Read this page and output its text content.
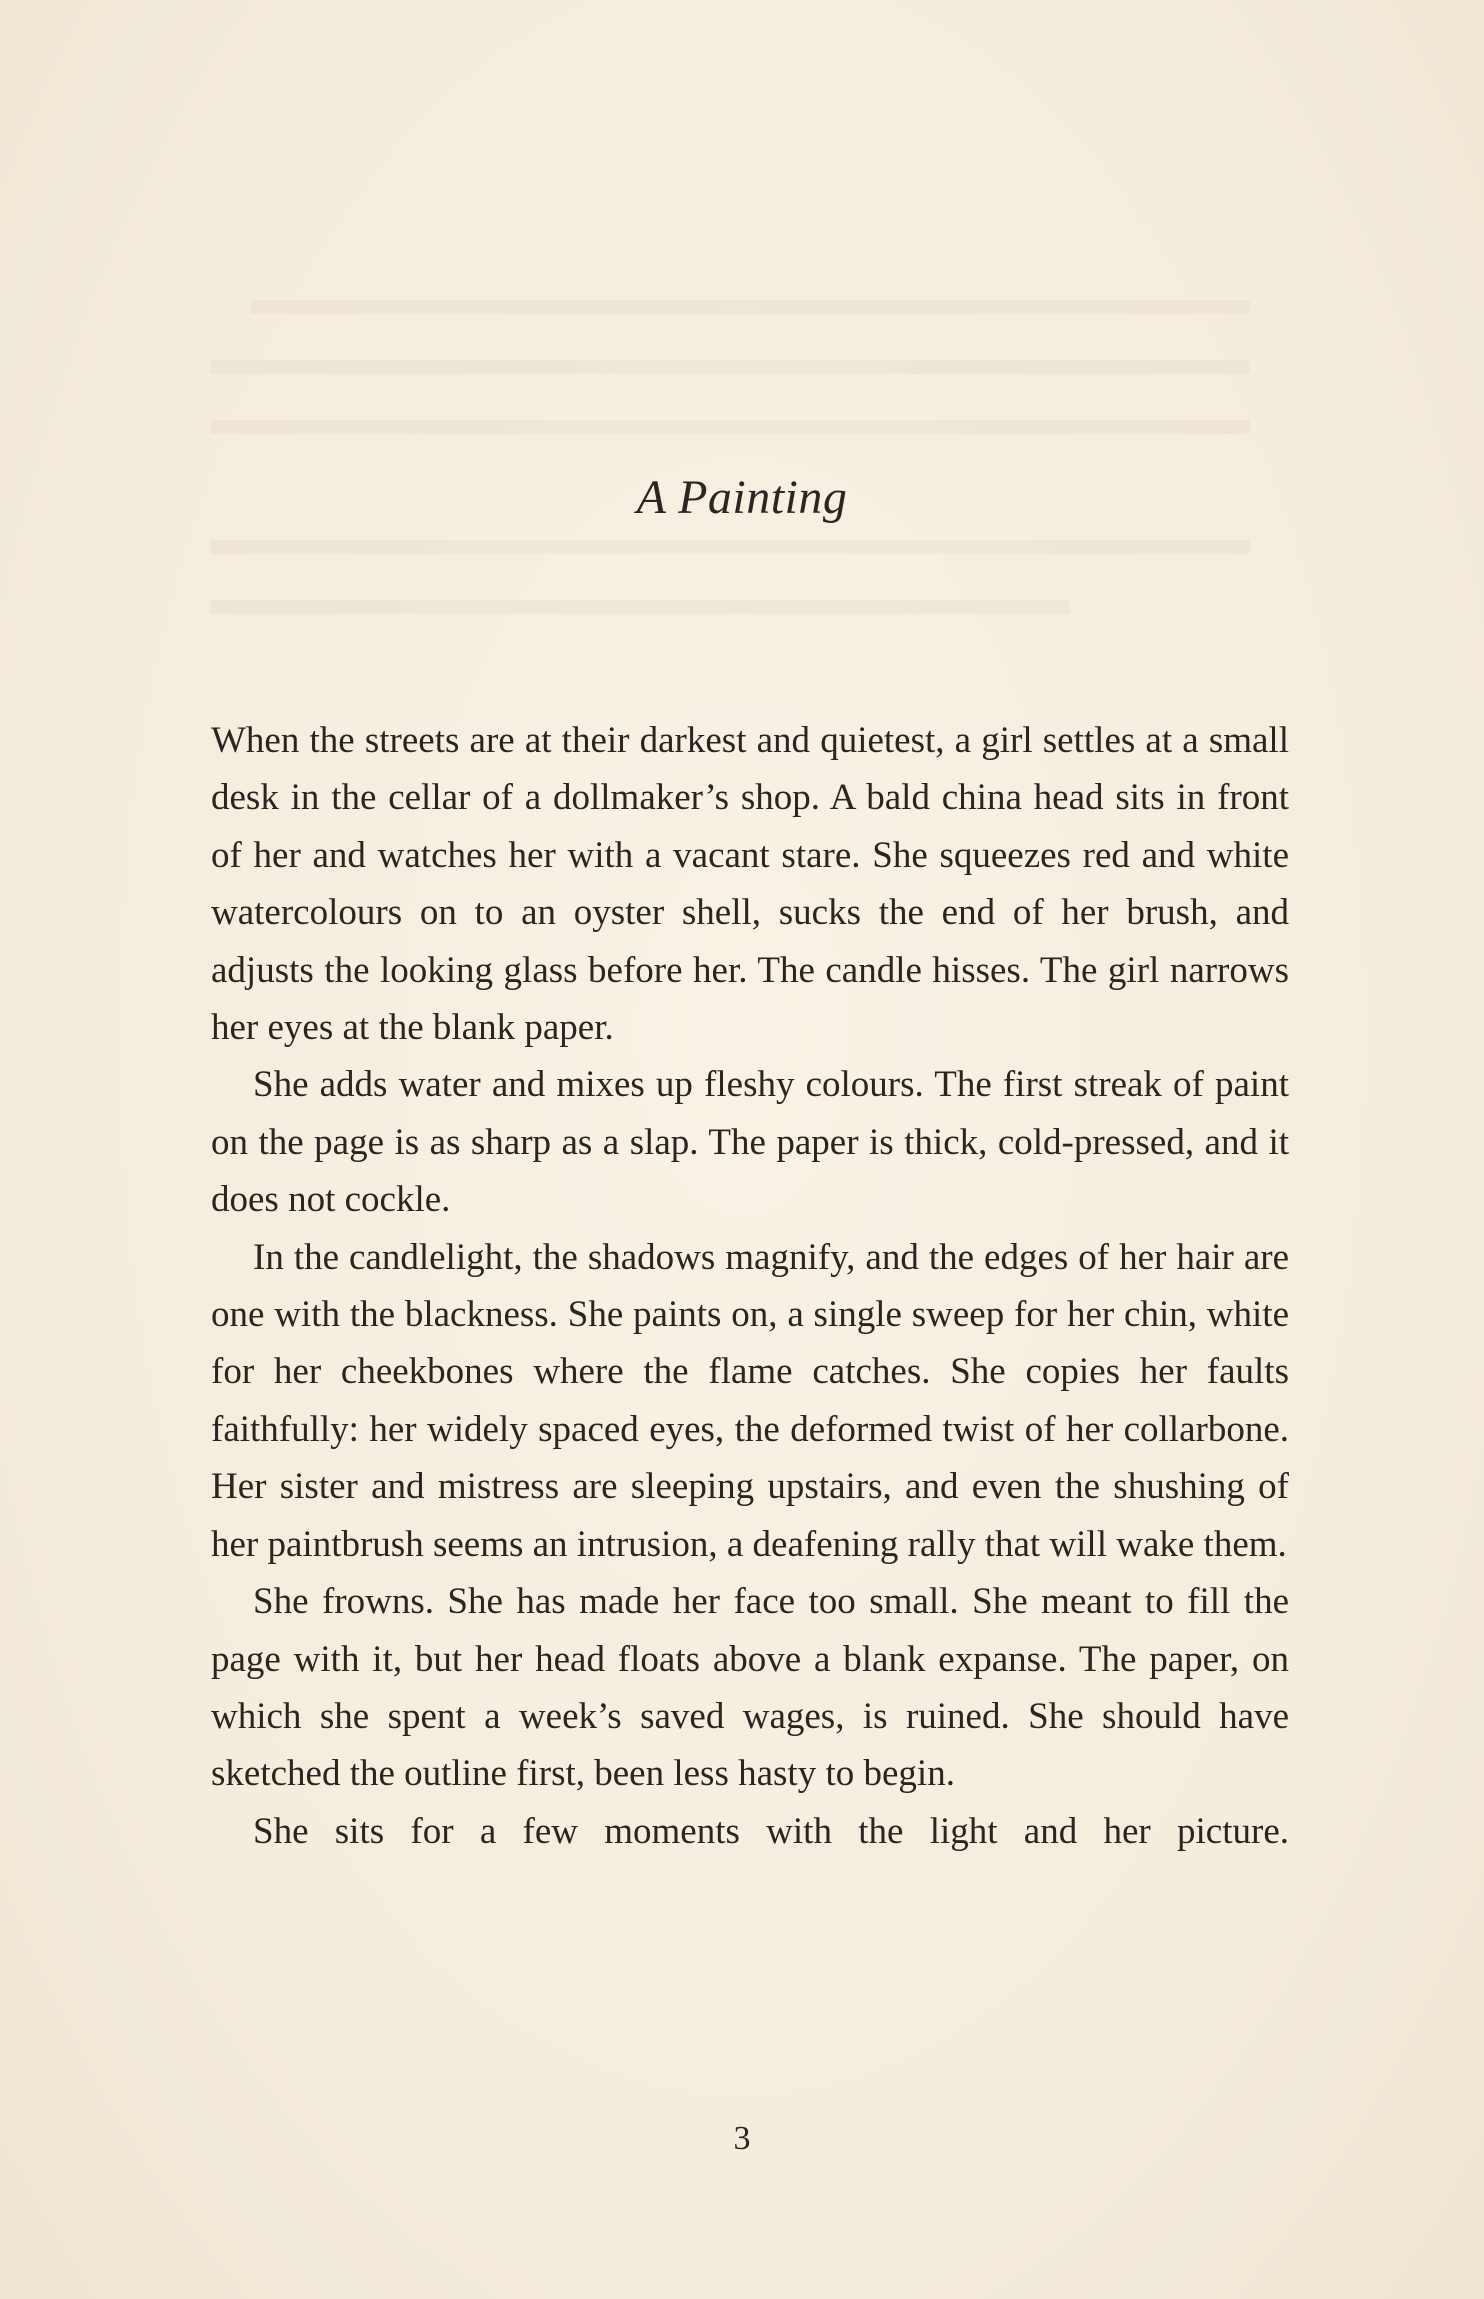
A Painting

When the streets are at their darkest and quietest, a girl settles at a small desk in the cellar of a dollmaker’s shop. A bald china head sits in front of her and watches her with a vacant stare. She squeezes red and white watercolours on to an oyster shell, sucks the end of her brush, and adjusts the looking glass before her. The candle hisses. The girl narrows her eyes at the blank paper.

She adds water and mixes up fleshy colours. The first streak of paint on the page is as sharp as a slap. The paper is thick, cold-pressed, and it does not cockle.

In the candlelight, the shadows magnify, and the edges of her hair are one with the blackness. She paints on, a single sweep for her chin, white for her cheekbones where the flame catches. She copies her faults faithfully: her widely spaced eyes, the deformed twist of her collarbone. Her sister and mistress are sleeping upstairs, and even the shushing of her paintbrush seems an intrusion, a deafening rally that will wake them.

She frowns. She has made her face too small. She meant to fill the page with it, but her head floats above a blank expanse. The paper, on which she spent a week’s saved wages, is ruined. She should have sketched the outline first, been less hasty to begin.

She sits for a few moments with the light and her picture.

3
